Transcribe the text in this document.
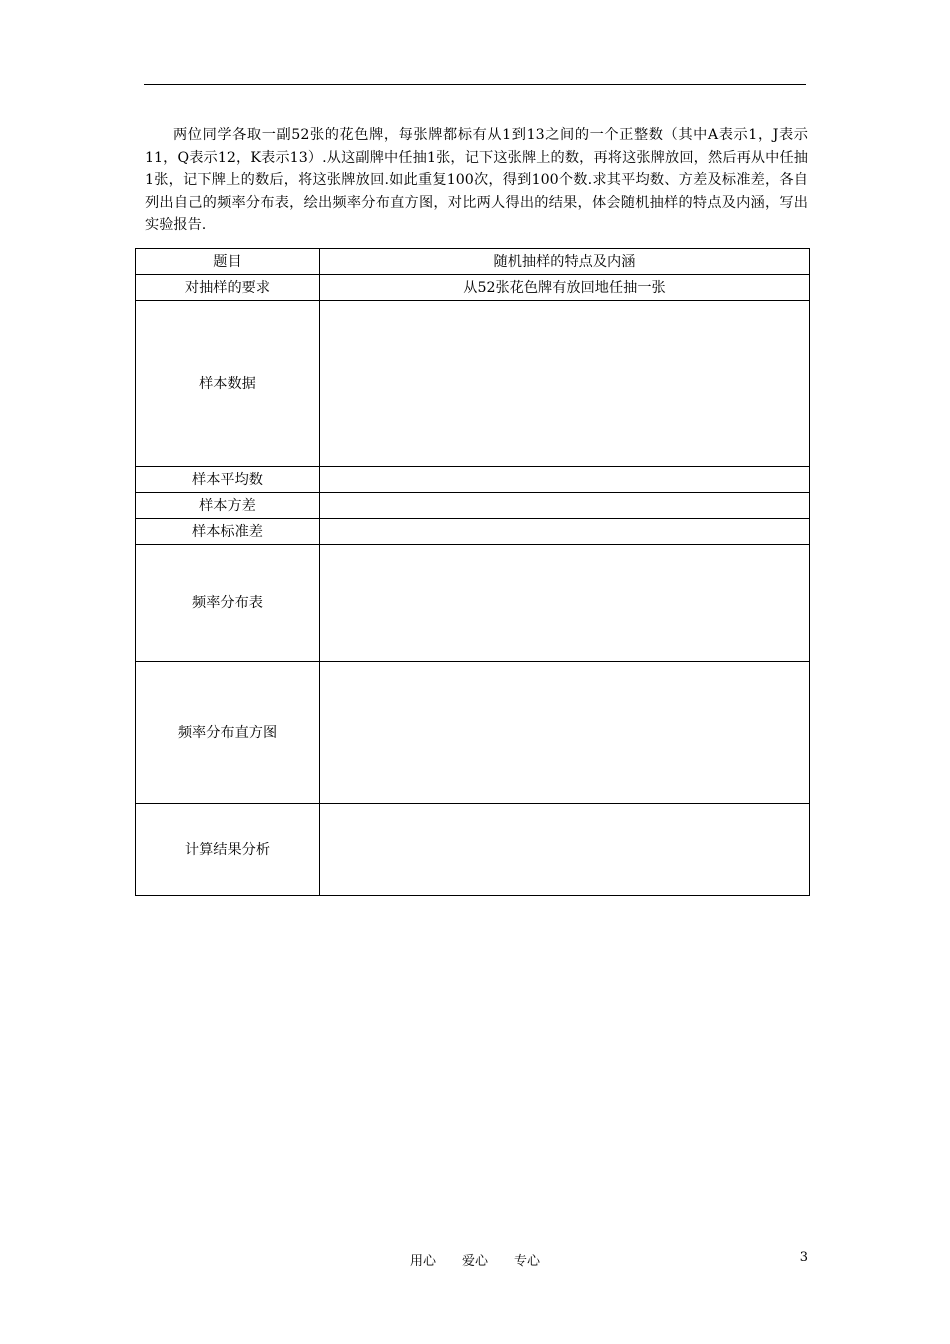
两位同学各取一副52张的花色牌，每张牌都标有从1到13之间的一个正整数（其中A表示1，J表示11，Q表示12，K表示13）.从这副牌中任抽1张，记下这张牌上的数，再将这张牌放回，然后再从中任抽1张，记下牌上的数后，将这张牌放回.如此重复100次，得到100个数.求其平均数、方差及标准差，各自列出自己的频率分布表，绘出频率分布直方图，对比两人得出的结果，体会随机抽样的特点及内涵，写出实验报告.

题目	随机抽样的特点及内涵
对抽样的要求	从52张花色牌有放回地任抽一张
样本数据	
样本平均数	
样本方差	
样本标准差	
频率分布表	
频率分布直方图	
计算结果分析	
用心　　爱心　　专心	3
